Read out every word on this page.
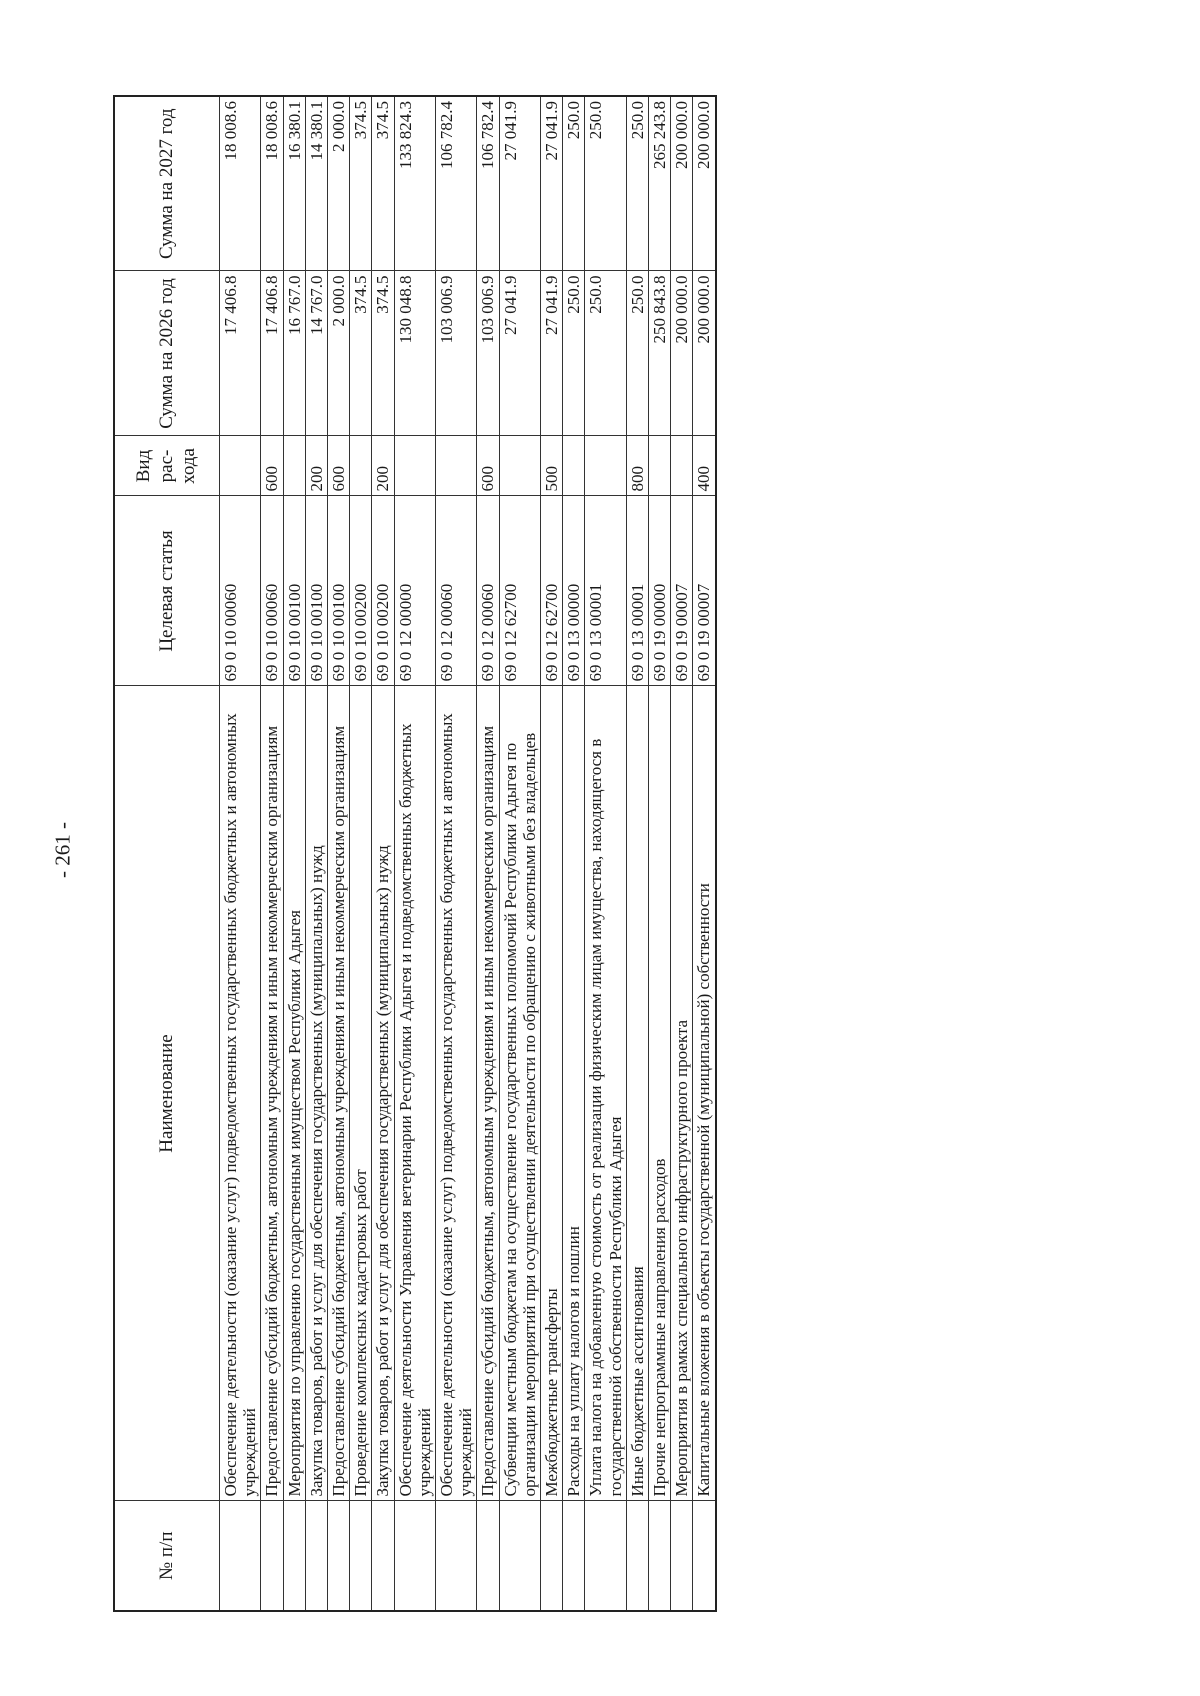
- 261 -
№ п/п	Наименование	Целевая статья	Вид рас-хода	Сумма на 2026 год	Сумма на 2027 год
	Обеспечение деятельности (оказание услуг) подведомственных государственных бюджетных и автономных учреждений	69 0 10 00060		17 406.8	18 008.6
	Предоставление субсидий бюджетным, автономным учреждениям и иным некоммерческим организациям	69 0 10 00060	600	17 406.8	18 008.6
	Мероприятия по управлению государственным имуществом Республики Адыгея	69 0 10 00100		16 767.0	16 380.1
	Закупка товаров, работ и услуг для обеспечения государственных (муниципальных) нужд	69 0 10 00100	200	14 767.0	14 380.1
	Предоставление субсидий бюджетным, автономным учреждениям и иным некоммерческим организациям	69 0 10 00100	600	2 000.0	2 000.0
	Проведение комплексных кадастровых работ	69 0 10 00200		374.5	374.5
	Закупка товаров, работ и услуг для обеспечения государственных (муниципальных) нужд	69 0 10 00200	200	374.5	374.5
	Обеспечение деятельности Управления ветеринарии Республики Адыгея и подведомственных бюджетных учреждений	69 0 12 00000		130 048.8	133 824.3
	Обеспечение деятельности (оказание услуг) подведомственных государственных бюджетных и автономных учреждений	69 0 12 00060		103 006.9	106 782.4
	Предоставление субсидий бюджетным, автономным учреждениям и иным некоммерческим организациям	69 0 12 00060	600	103 006.9	106 782.4
	Субвенции местным бюджетам на осуществление государственных полномочий Республики Адыгея по организации мероприятий при осуществлении деятельности по обращению с животными без владельцев	69 0 12 62700		27 041.9	27 041.9
	Межбюджетные трансферты	69 0 12 62700	500	27 041.9	27 041.9
	Расходы на уплату налогов и пошлин	69 0 13 00000		250.0	250.0
	Уплата налога на добавленную стоимость от реализации физическим лицам имущества, находящегося в государственной собственности Республики Адыгея	69 0 13 00001		250.0	250.0
	Иные бюджетные ассигнования	69 0 13 00001	800	250.0	250.0
	Прочие непрограммные направления расходов	69 0 19 00000		250 843.8	265 243.8
	Мероприятия в рамках специального инфраструктурного проекта	69 0 19 00007		200 000.0	200 000.0
	Капитальные вложения в объекты государственной (муниципальной) собственности	69 0 19 00007	400	200 000.0	200 000.0
